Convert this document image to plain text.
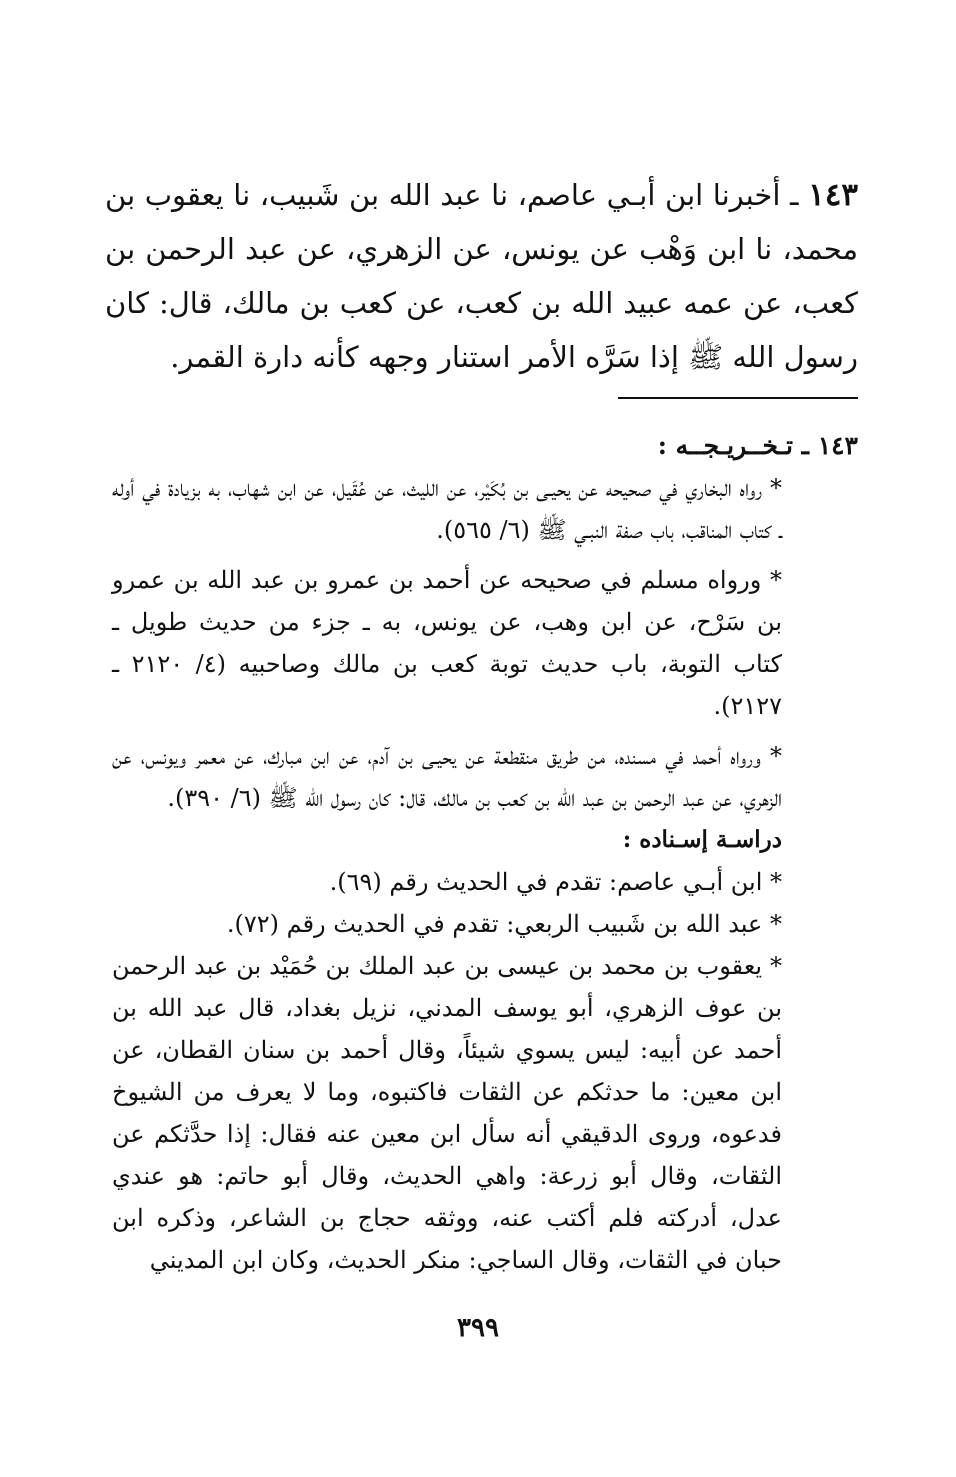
١٤٣ ـ أخبرنا ابن أبـي عاصم، نا عبد الله بن شَبيب، نا يعقوب بن محمد، نا ابن وَهْب عن يونس، عن الزهري، عن عبد الرحمن بن كعب، عن عمه عبيد الله بن كعب، عن كعب بن مالك، قال: كان رسول الله ﷺ إذا سَرَّه الأمر استنار وجهه كأنه دارة القمر.

١٤٣ ـ تـخــريـجــه :

* رواه البخاري في صحيحه عن يحيـى بن بُكَيْر، عن الليث، عن عُقَيل، عن ابن شهاب، به بزيادة في أوله ـ كتاب المناقب، باب صفة النبـي ﷺ (٦/ ٥٦٥).

* ورواه مسلم في صحيحه عن أحمد بن عمرو بن عبد الله بن عمرو بن سَرْح، عن ابن وهب، عن يونس، به ـ جزء من حديث طويل ـ كتاب التوبة، باب حديث توبة كعب بن مالك وصاحبيه (٤/ ٢١٢٠ ـ ٢١٢٧).

* ورواه أحمد في مسنده، من طريق منقطعة عن يحيـى بن آدم، عن ابن مبارك، عن معمر ويونس، عن الزهري، عن عبد الرحمن بن عبد الله بن كعب بن مالك، قال: كان رسول الله ﷺ (٦/ ٣٩٠).

دراسـة إسـناده :

* ابن أبـي عاصم: تقدم في الحديث رقم (٦٩).

* عبد الله بن شَبيب الربعي: تقدم في الحديث رقم (٧٢).

* يعقوب بن محمد بن عيسى بن عبد الملك بن حُمَيْد بن عبد الرحمن بن عوف الزهري، أبو يوسف المدني، نزيل بغداد، قال عبد الله بن أحمد عن أبيه: ليس يسوي شيئاً، وقال أحمد بن سنان القطان، عن ابن معين: ما حدثكم عن الثقات فاكتبوه، وما لا يعرف من الشيوخ فدعوه، وروى الدقيقي أنه سأل ابن معين عنه فقال: إذا حدَّثكم عن الثقات، وقال أبو زرعة: واهي الحديث، وقال أبو حاتم: هو عندي عدل، أدركته فلم أكتب عنه، ووثقه حجاج بن الشاعر، وذكره ابن حبان في الثقات، وقال الساجي: منكر الحديث، وكان ابن المديني

٣٩٩
